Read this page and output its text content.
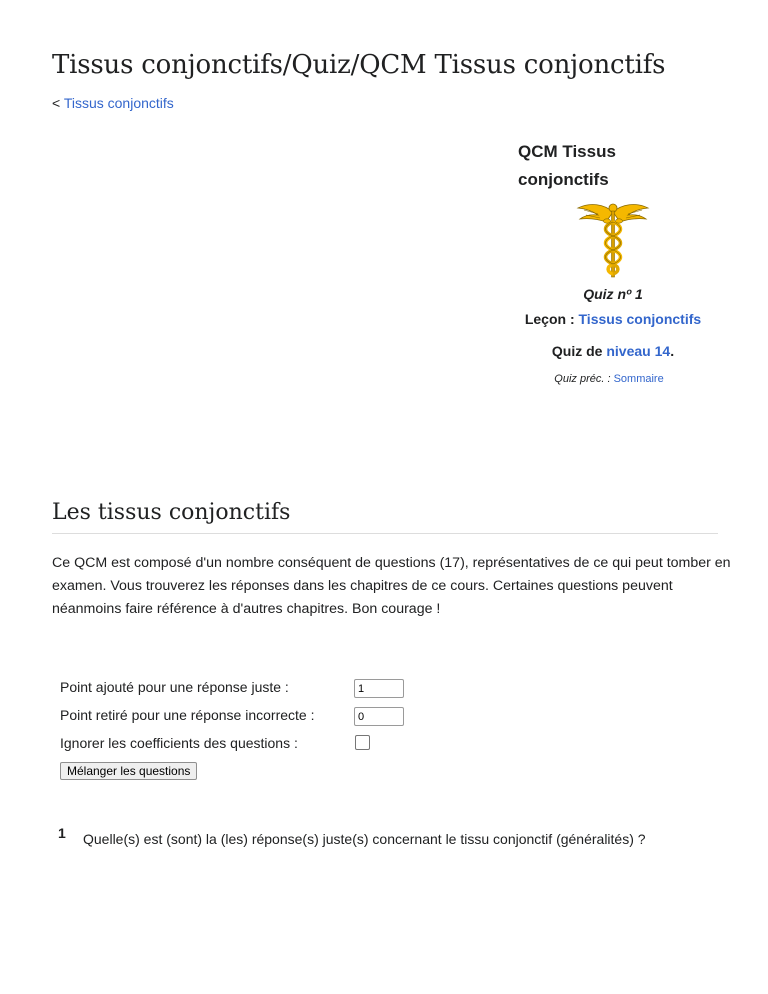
Tissus conjonctifs/Quiz/QCM Tissus conjonctifs
< Tissus conjonctifs
QCM Tissus conjonctifs
Quiz nº 1
Leçon : Tissus conjonctifs
Quiz de niveau 14.
Quiz préc. : Sommaire
Les tissus conjonctifs

Ce QCM est composé d'un nombre conséquent de questions (17), représentatives de ce qui peut tomber en examen. Vous trouverez les réponses dans les chapitres de ce cours. Certaines questions peuvent néanmoins faire référence à d'autres chapitres. Bon courage !

Point ajouté pour une réponse juste :
1
Point retiré pour une réponse incorrecte :
0
Ignorer les coefficients des questions :
Mélanger les questions
1 Quelle(s) est (sont) la (les) réponse(s) juste(s) concernant le tissu conjonctif (généralités) ?
